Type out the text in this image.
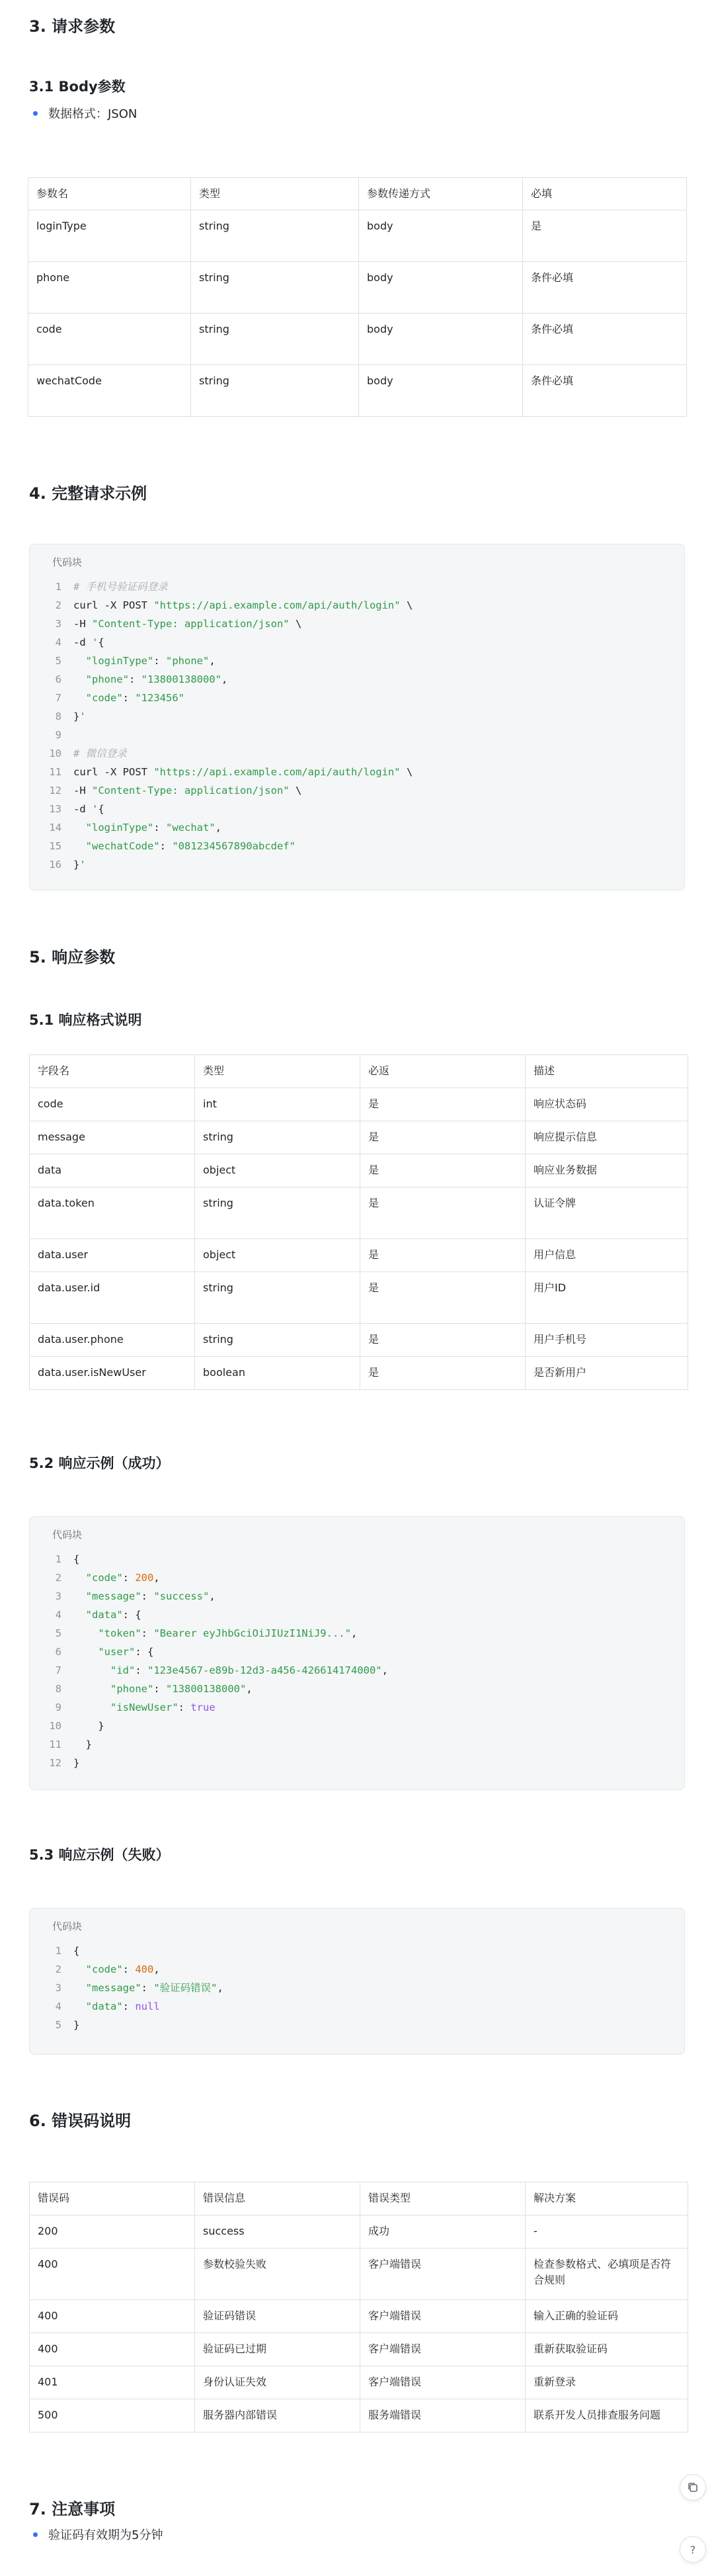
3. 请求参数
3.1 Body参数
数据格式：JSON
参数名	类型	参数传递方式	必填
loginType	string	body	是
phone	string	body	条件必填
code	string	body	条件必填
wechatCode	string	body	条件必填
4. 完整请求示例
代码块
1 # 手机号验证码登录
2 curl -X POST "https://api.example.com/api/auth/login" \
3 -H "Content-Type: application/json" \
4 -d '{
5 "loginType": "phone",
6 "phone": "13800138000",
7 "code": "123456"
8 }'
9
10 # 微信登录
11 curl -X POST "https://api.example.com/api/auth/login" \
12 -H "Content-Type: application/json" \
13 -d '{
14 "loginType": "wechat",
15 "wechatCode": "081234567890abcdef"
16 }'
5. 响应参数
5.1 响应格式说明
字段名	类型	必返	描述
code	int	是	响应状态码
message	string	是	响应提示信息
data	object	是	响应业务数据
data.token	string	是	认证令牌
data.user	object	是	用户信息
data.user.id	string	是	用户ID
data.user.phone	string	是	用户手机号
data.user.isNewUser	boolean	是	是否新用户
5.2 响应示例（成功）
代码块
1 {
2 "code": 200,
3 "message": "success",
4 "data": {
5	"token": "Bearer eyJhbGciOiJIUzI1NiJ9...",
6	"user": {
7	"id": "123e4567-e89b-12d3-a456-426614174000",
8	"phone": "13800138000",
9	"isNewUser": true
10    }
11  }
12 }
5.3 响应示例（失败）
代码块
1 {
2 "code": 400,
3 "message": "验证码错误",
4 "data": null
5 }
6. 错误码说明
错误码	错误信息	错误类型	解决方案
200	success	成功	-
400	参数校验失败	客户端错误	检查参数格式、必填项是否符合规则
400	验证码错误	客户端错误	输入正确的验证码
400	验证码已过期	客户端错误	重新获取验证码
401	身份认证失效	客户端错误	重新登录
500	服务器内部错误	服务端错误	联系开发人员排查服务问题
7. 注意事项
验证码有效期为5分钟
?
